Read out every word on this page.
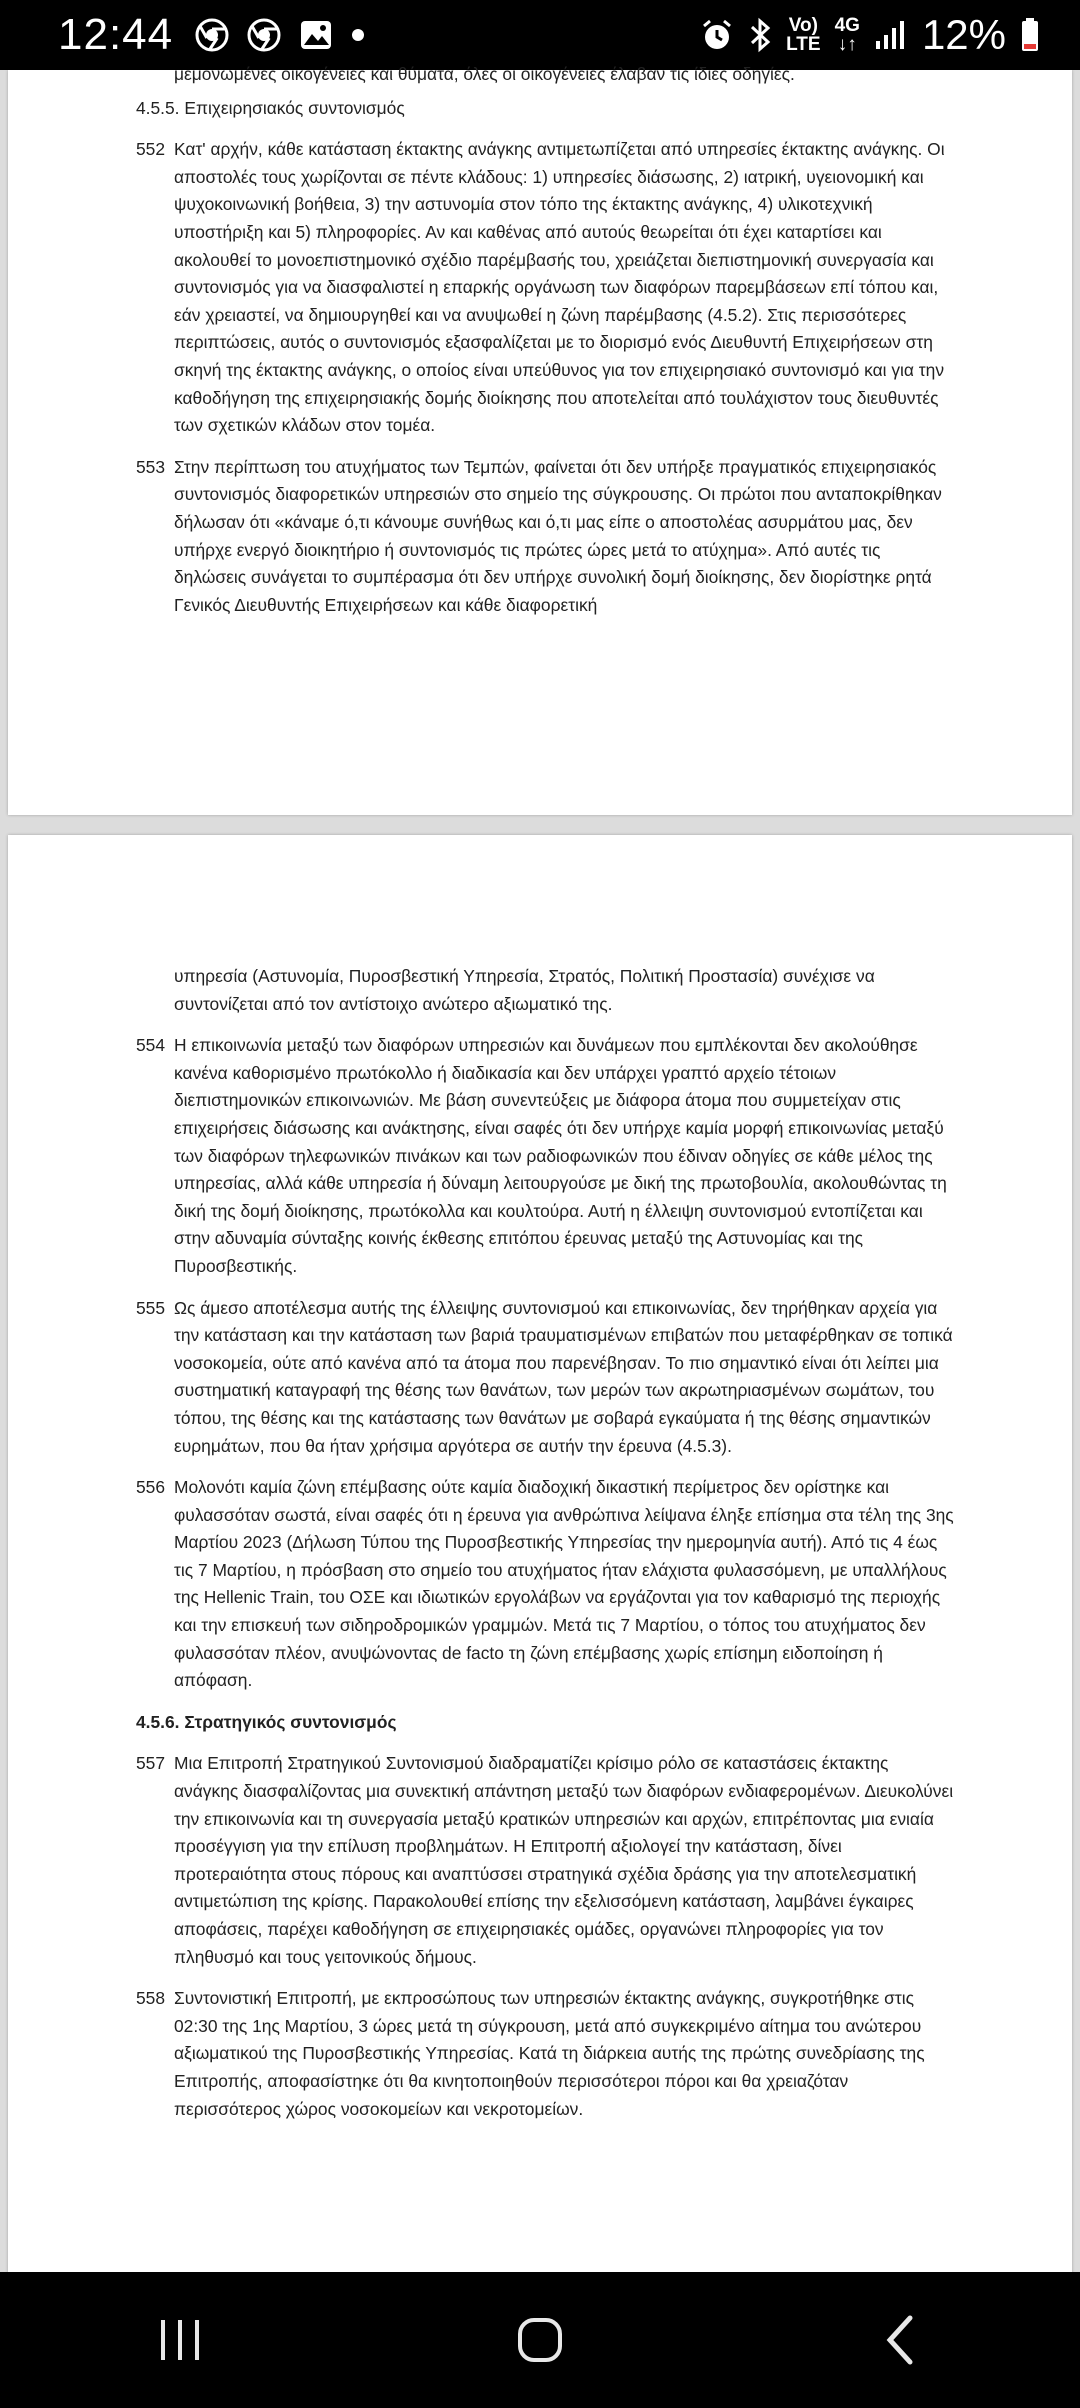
12:44	Vo)
LTE
4G
↓↑ 12%
μεμονωμένες οικογένειες και θύματα, όλες οι οικογένειες έλαβαν τις ίδιες οδηγίες.
4.5.5. Επιχειρησιακός συντονισμός
552 Κατ' αρχήν, κάθε κατάσταση έκτακτης ανάγκης αντιμετωπίζεται από υπηρεσίες έκτακτης ανάγκης. Οι αποστολές τους χωρίζονται σε πέντε κλάδους: 1) υπηρεσίες διάσωσης, 2) ιατρική, υγειονομική και ψυχοκοινωνική βοήθεια, 3) την αστυνομία στον τόπο της έκτακτης ανάγκης, 4) υλικοτεχνική υποστήριξη και 5) πληροφορίες. Αν και καθένας από αυτούς θεωρείται ότι έχει καταρτίσει και ακολουθεί το μονοεπιστημονικό σχέδιο παρέμβασής του, χρειάζεται διεπιστημονική συνεργασία και συντονισμός για να διασφαλιστεί η επαρκής οργάνωση των διαφόρων παρεμβάσεων επί τόπου και, εάν χρειαστεί, να δημιουργηθεί και να ανυψωθεί η ζώνη παρέμβασης (4.5.2). Στις περισσότερες περιπτώσεις, αυτός ο συντονισμός εξασφαλίζεται με το διορισμό ενός Διευθυντή Επιχειρήσεων στη σκηνή της έκτακτης ανάγκης, ο οποίος είναι υπεύθυνος για τον επιχειρησιακό συντονισμό και για την καθοδήγηση της επιχειρησιακής δομής διοίκησης που αποτελείται από τουλάχιστον τους διευθυντές των σχετικών κλάδων στον τομέα.
553 Στην περίπτωση του ατυχήματος των Τεμπών, φαίνεται ότι δεν υπήρξε πραγματικός επιχειρησιακός συντονισμός διαφορετικών υπηρεσιών στο σημείο της σύγκρουσης. Οι πρώτοι που ανταποκρίθηκαν δήλωσαν ότι «κάναμε ό,τι κάνουμε συνήθως και ό,τι μας είπε ο αποστολέας ασυρμάτου μας, δεν υπήρχε ενεργό διοικητήριο ή συντονισμός τις πρώτες ώρες μετά το ατύχημα». Από αυτές τις δηλώσεις συνάγεται το συμπέρασμα ότι δεν υπήρχε συνολική δομή διοίκησης, δεν διορίστηκε ρητά Γενικός Διευθυντής Επιχειρήσεων και κάθε διαφορετική
υπηρεσία (Αστυνομία, Πυροσβεστική Υπηρεσία, Στρατός, Πολιτική Προστασία) συνέχισε να συντονίζεται από τον αντίστοιχο ανώτερο αξιωματικό της.
554 Η επικοινωνία μεταξύ των διαφόρων υπηρεσιών και δυνάμεων που εμπλέκονται δεν ακολούθησε κανένα καθορισμένο πρωτόκολλο ή διαδικασία και δεν υπάρχει γραπτό αρχείο τέτοιων διεπιστημονικών επικοινωνιών. Με βάση συνεντεύξεις με διάφορα άτομα που συμμετείχαν στις επιχειρήσεις διάσωσης και ανάκτησης, είναι σαφές ότι δεν υπήρχε καμία μορφή επικοινωνίας μεταξύ των διαφόρων τηλεφωνικών πινάκων και των ραδιοφωνικών που έδιναν οδηγίες σε κάθε μέλος της υπηρεσίας, αλλά κάθε υπηρεσία ή δύναμη λειτουργούσε με δική της πρωτοβουλία, ακολουθώντας τη δική της δομή διοίκησης, πρωτόκολλα και κουλτούρα. Αυτή η έλλειψη συντονισμού εντοπίζεται και στην αδυναμία σύνταξης κοινής έκθεσης επιτόπου έρευνας μεταξύ της Αστυνομίας και της Πυροσβεστικής.
555 Ως άμεσο αποτέλεσμα αυτής της έλλειψης συντονισμού και επικοινωνίας, δεν τηρήθηκαν αρχεία για την κατάσταση και την κατάσταση των βαριά τραυματισμένων επιβατών που μεταφέρθηκαν σε τοπικά νοσοκομεία, ούτε από κανένα από τα άτομα που παρενέβησαν. Το πιο σημαντικό είναι ότι λείπει μια συστηματική καταγραφή της θέσης των θανάτων, των μερών των ακρωτηριασμένων σωμάτων, του τόπου, της θέσης και της κατάστασης των θανάτων με σοβαρά εγκαύματα ή της θέσης σημαντικών ευρημάτων, που θα ήταν χρήσιμα αργότερα σε αυτήν την έρευνα (4.5.3).
556 Μολονότι καμία ζώνη επέμβασης ούτε καμία διαδοχική δικαστική περίμετρος δεν ορίστηκε και φυλασσόταν σωστά, είναι σαφές ότι η έρευνα για ανθρώπινα λείψανα έληξε επίσημα στα τέλη της 3ης Μαρτίου 2023 (Δήλωση Τύπου της Πυροσβεστικής Υπηρεσίας την ημερομηνία αυτή). Από τις 4 έως τις 7 Μαρτίου, η πρόσβαση στο σημείο του ατυχήματος ήταν ελάχιστα φυλασσόμενη, με υπαλλήλους της Hellenic Train, του ΟΣΕ και ιδιωτικών εργολάβων να εργάζονται για τον καθαρισμό της περιοχής και την επισκευή των σιδηροδρομικών γραμμών. Μετά τις 7 Μαρτίου, ο τόπος του ατυχήματος δεν φυλασσόταν πλέον, ανυψώνοντας de facto τη ζώνη επέμβασης χωρίς επίσημη ειδοποίηση ή απόφαση.
4.5.6. Στρατηγικός συντονισμός
557 Μια Επιτροπή Στρατηγικού Συντονισμού διαδραματίζει κρίσιμο ρόλο σε καταστάσεις έκτακτης ανάγκης διασφαλίζοντας μια συνεκτική απάντηση μεταξύ των διαφόρων ενδιαφερομένων. Διευκολύνει την επικοινωνία και τη συνεργασία μεταξύ κρατικών υπηρεσιών και αρχών, επιτρέποντας μια ενιαία προσέγγιση για την επίλυση προβλημάτων. Η Επιτροπή αξιολογεί την κατάσταση, δίνει προτεραιότητα στους πόρους και αναπτύσσει στρατηγικά σχέδια δράσης για την αποτελεσματική αντιμετώπιση της κρίσης. Παρακολουθεί επίσης την εξελισσόμενη κατάσταση, λαμβάνει έγκαιρες αποφάσεις, παρέχει καθοδήγηση σε επιχειρησιακές ομάδες, οργανώνει πληροφορίες για τον πληθυσμό και τους γειτονικούς δήμους.
558 Συντονιστική Επιτροπή, με εκπροσώπους των υπηρεσιών έκτακτης ανάγκης, συγκροτήθηκε στις 02:30 της 1ης Μαρτίου, 3 ώρες μετά τη σύγκρουση, μετά από συγκεκριμένο αίτημα του ανώτερου αξιωματικού της Πυροσβεστικής Υπηρεσίας. Κατά τη διάρκεια αυτής της πρώτης συνεδρίασης της Επιτροπής, αποφασίστηκε ότι θα κινητοποιηθούν περισσότεροι πόροι και θα χρειαζόταν περισσότερος χώρος νοσοκομείων και νεκροτομείων.
